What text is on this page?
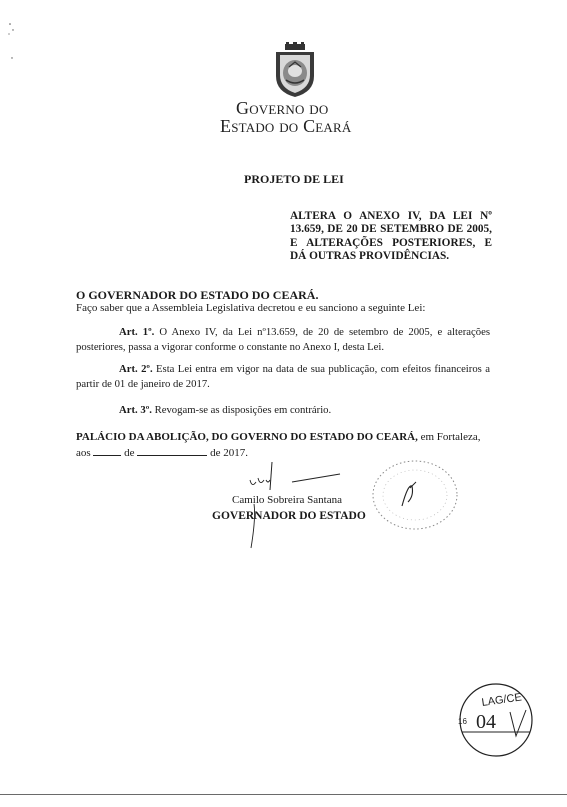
Governo do
Estado do Ceará
PROJETO DE LEI
ALTERA O ANEXO IV, DA LEI Nº 13.659, DE 20 DE SETEMBRO DE 2005, E ALTERAÇÕES POSTERIORES, E DÁ OUTRAS PROVIDÊNCIAS.
O GOVERNADOR DO ESTADO DO CEARÁ.
Faço saber que a Assembleia Legislativa decretou e eu sanciono a seguinte Lei:
Art. 1º. O Anexo IV, da Lei nº13.659, de 20 de setembro de 2005, e alterações posteriores, passa a vigorar conforme o constante no Anexo I, desta Lei.
Art. 2º. Esta Lei entra em vigor na data de sua publicação, com efeitos financeiros a partir de 01 de janeiro de 2017.
Art. 3º. Revogam-se as disposições em contrário.
PALÁCIO DA ABOLIÇÃO, DO GOVERNO DO ESTADO DO CEARÁ, em Fortaleza,
aos	de	de 2017.
Camilo Sobreira Santana
GOVERNADOR DO ESTADO
LAG/CE
16 04
